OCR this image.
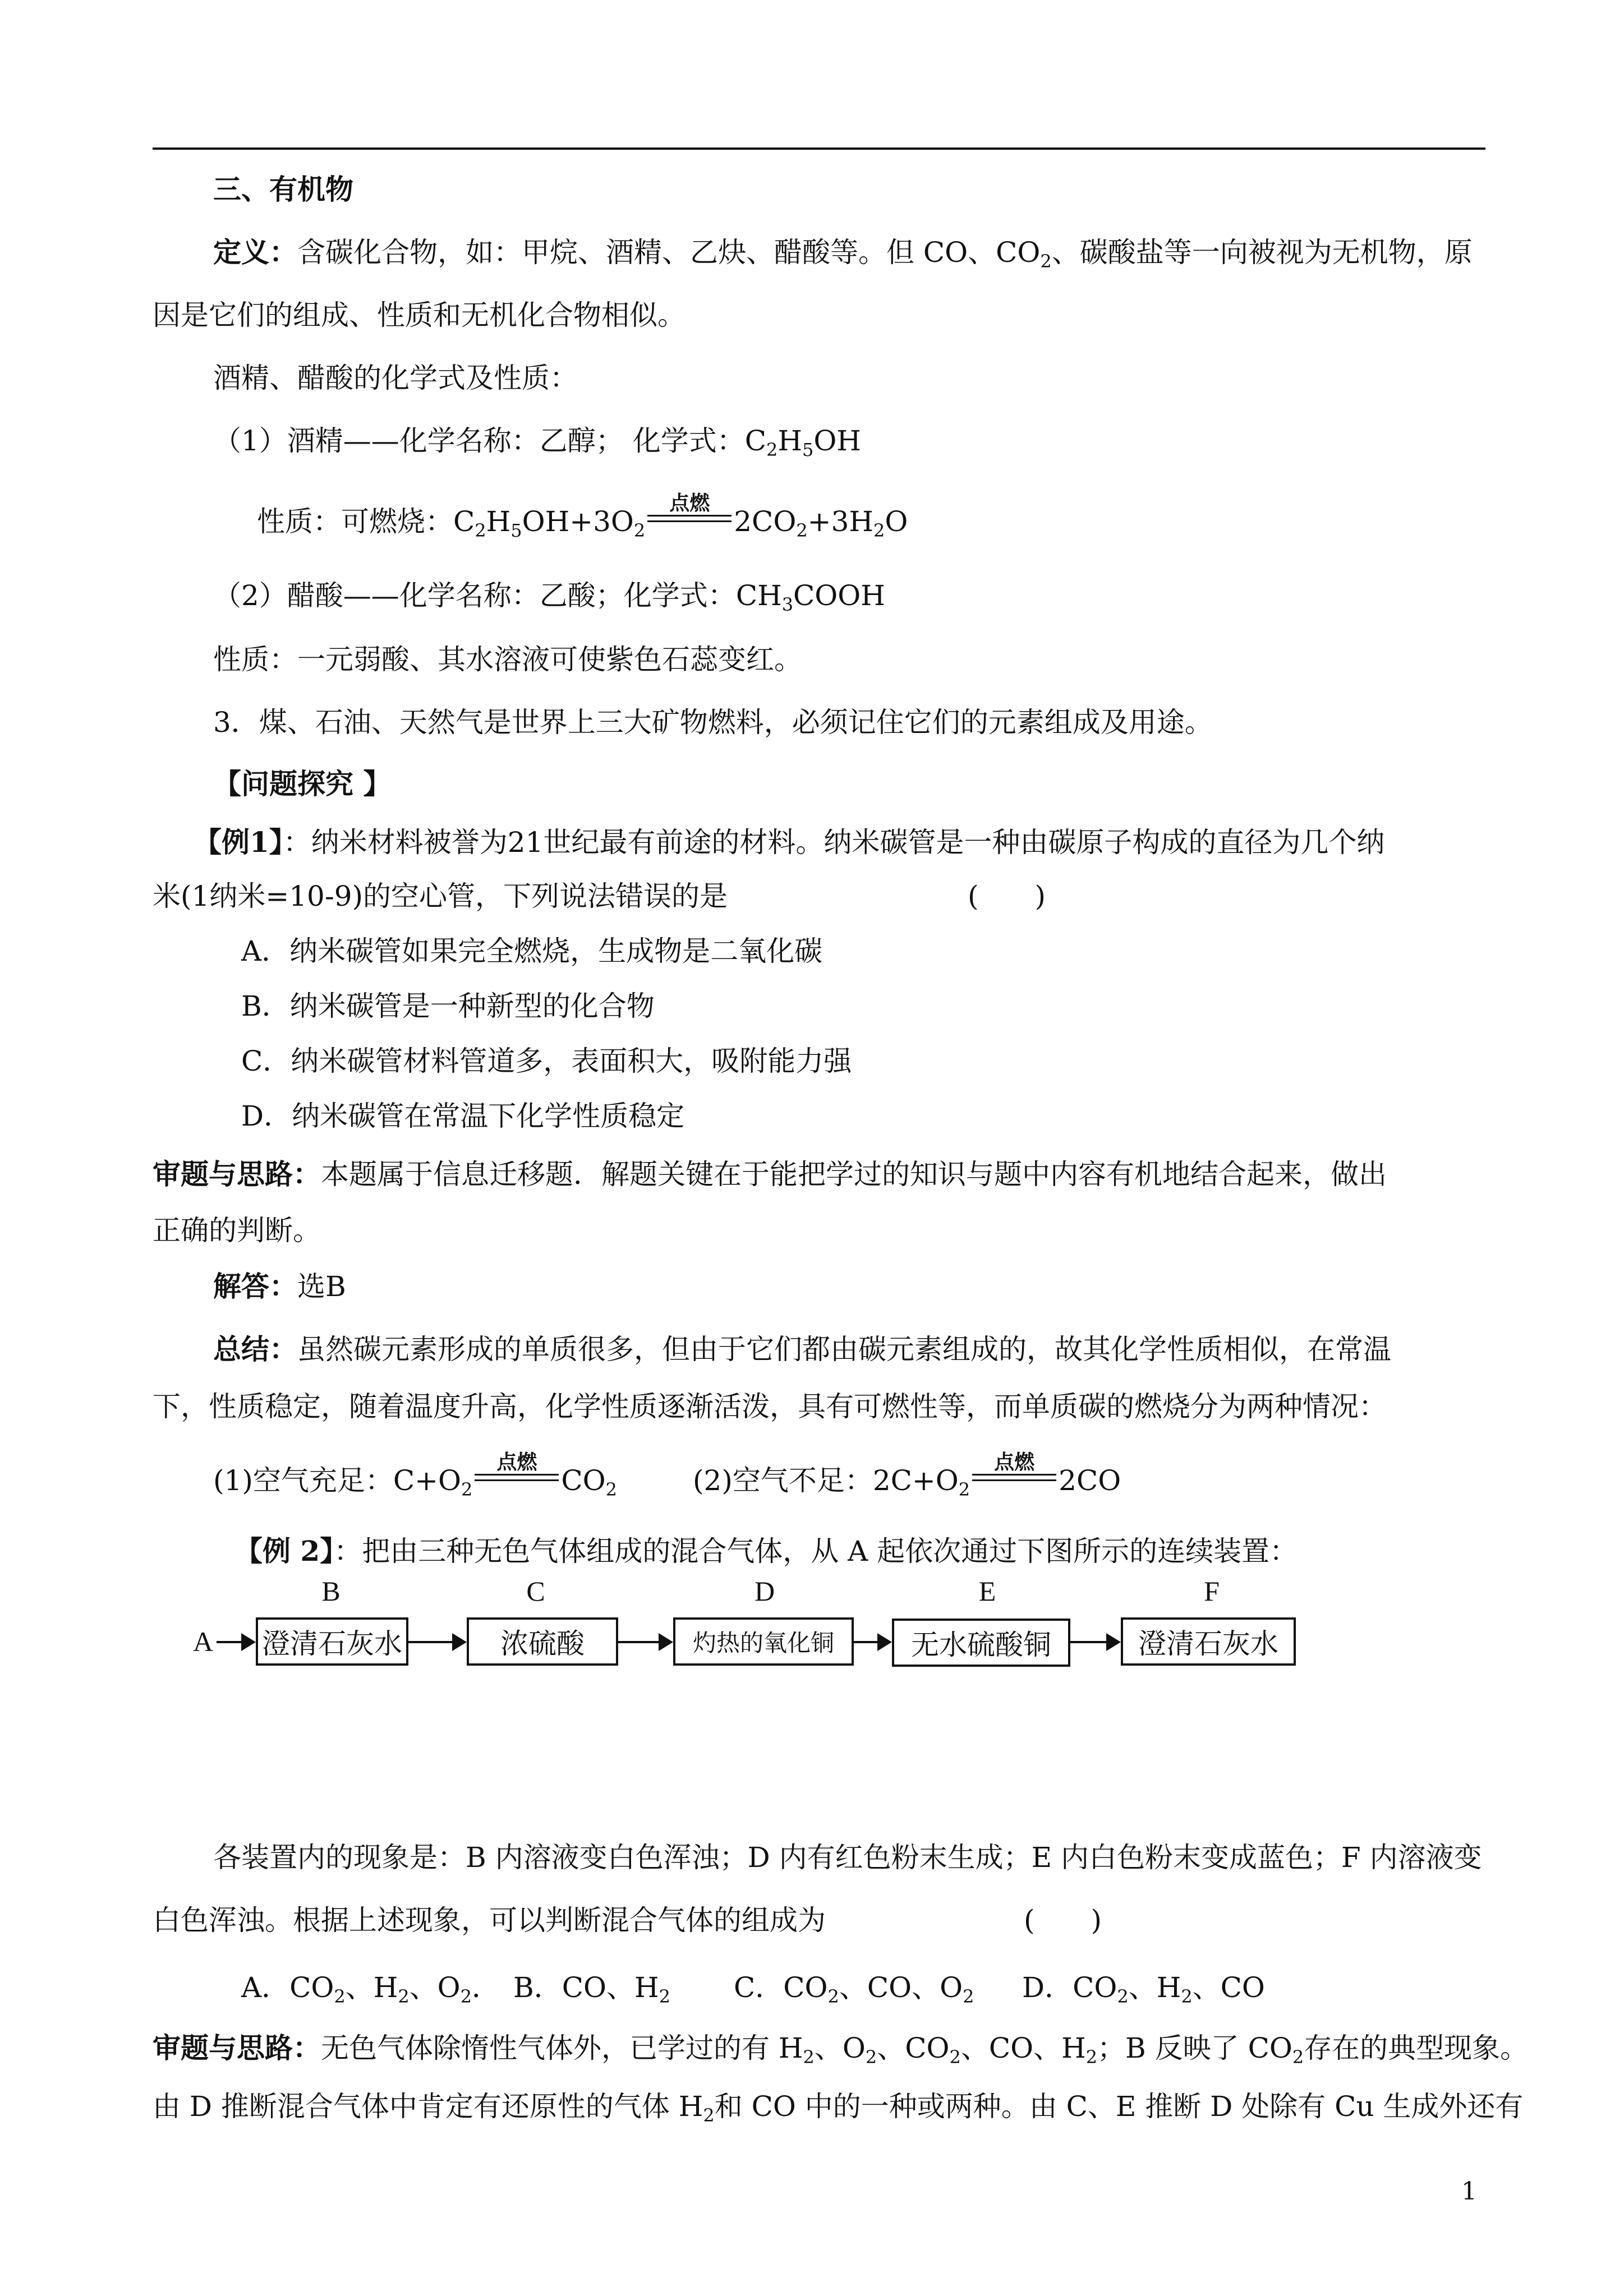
三、有机物
定义：含碳化合物，如：甲烷、酒精、乙炔、醋酸等。但 CO、$CO_2$、碳酸盐等一向被视为无机物，原
因是它们的组成、性质和无机化合物相似。
酒精、醋酸的化学式及性质：
（1）酒精——化学名称：乙醇； 化学式：$C_2H_5OH$
性质：可燃烧：$C_2H_5OH+3O_2$
点燃
$2CO_2+3H_2O$
（2）醋酸——化学名称：乙酸；化学式：$CH_3COOH$
性质：一元弱酸、其水溶液可使紫色石蕊变红。
3．煤、石油、天然气是世界上三大矿物燃料，必须记住它们的元素组成及用途。
【问题探究 】
【例1】：纳米材料被誉为21世纪最有前途的材料。纳米碳管是一种由碳原子构成的直径为几个纳
米(1纳米=10-9)的空心管，下列说法错误的是	(　　)
A．纳米碳管如果完全燃烧，生成物是二氧化碳
B．纳米碳管是一种新型的化合物
C．纳米碳管材料管道多，表面积大，吸附能力强
D．纳米碳管在常温下化学性质稳定
审题与思路：本题属于信息迁移题．解题关键在于能把学过的知识与题中内容有机地结合起来，做出
正确的判断。
解答：选B
总结：虽然碳元素形成的单质很多，但由于它们都由碳元素组成的，故其化学性质相似，在常温
下，性质稳定，随着温度升高，化学性质逐渐活泼，具有可燃性等，而单质碳的燃烧分为两种情况：
(1)空气充足：$C+O_2$
点燃
$CO_2$	(2)空气不足：$2C+O_2$
点燃
2CO
【例 2】：把由三种无色气体组成的混合气体，从 A 起依次通过下图所示的连续装置：
B	C	D	E	F
A 澄清石灰水	浓硫酸	灼热的氧化铜	无水硫酸铜	澄清石灰水
各装置内的现象是：B 内溶液变白色浑浊；D 内有红色粉末生成；E 内白色粉末变成蓝色；F 内溶液变
白色浑浊。根据上述现象，可以判断混合气体的组成为	(　　)
A．$CO_2$、$H_2$、$O_2$． B．CO、$H_2$ C．$CO_2$、CO、$O_2$ D．$CO_2$、$H_2$、CO
审题与思路：无色气体除惰性气体外，已学过的有 $H_2$、$O_2$、$CO_2$、CO、$H_2$；B 反映了 $CO_2$存在的典型现象。
由 D 推断混合气体中肯定有还原性的气体 $H_2$和 CO 中的一种或两种。由 C、E 推断 D 处除有 Cu 生成外还有
1
